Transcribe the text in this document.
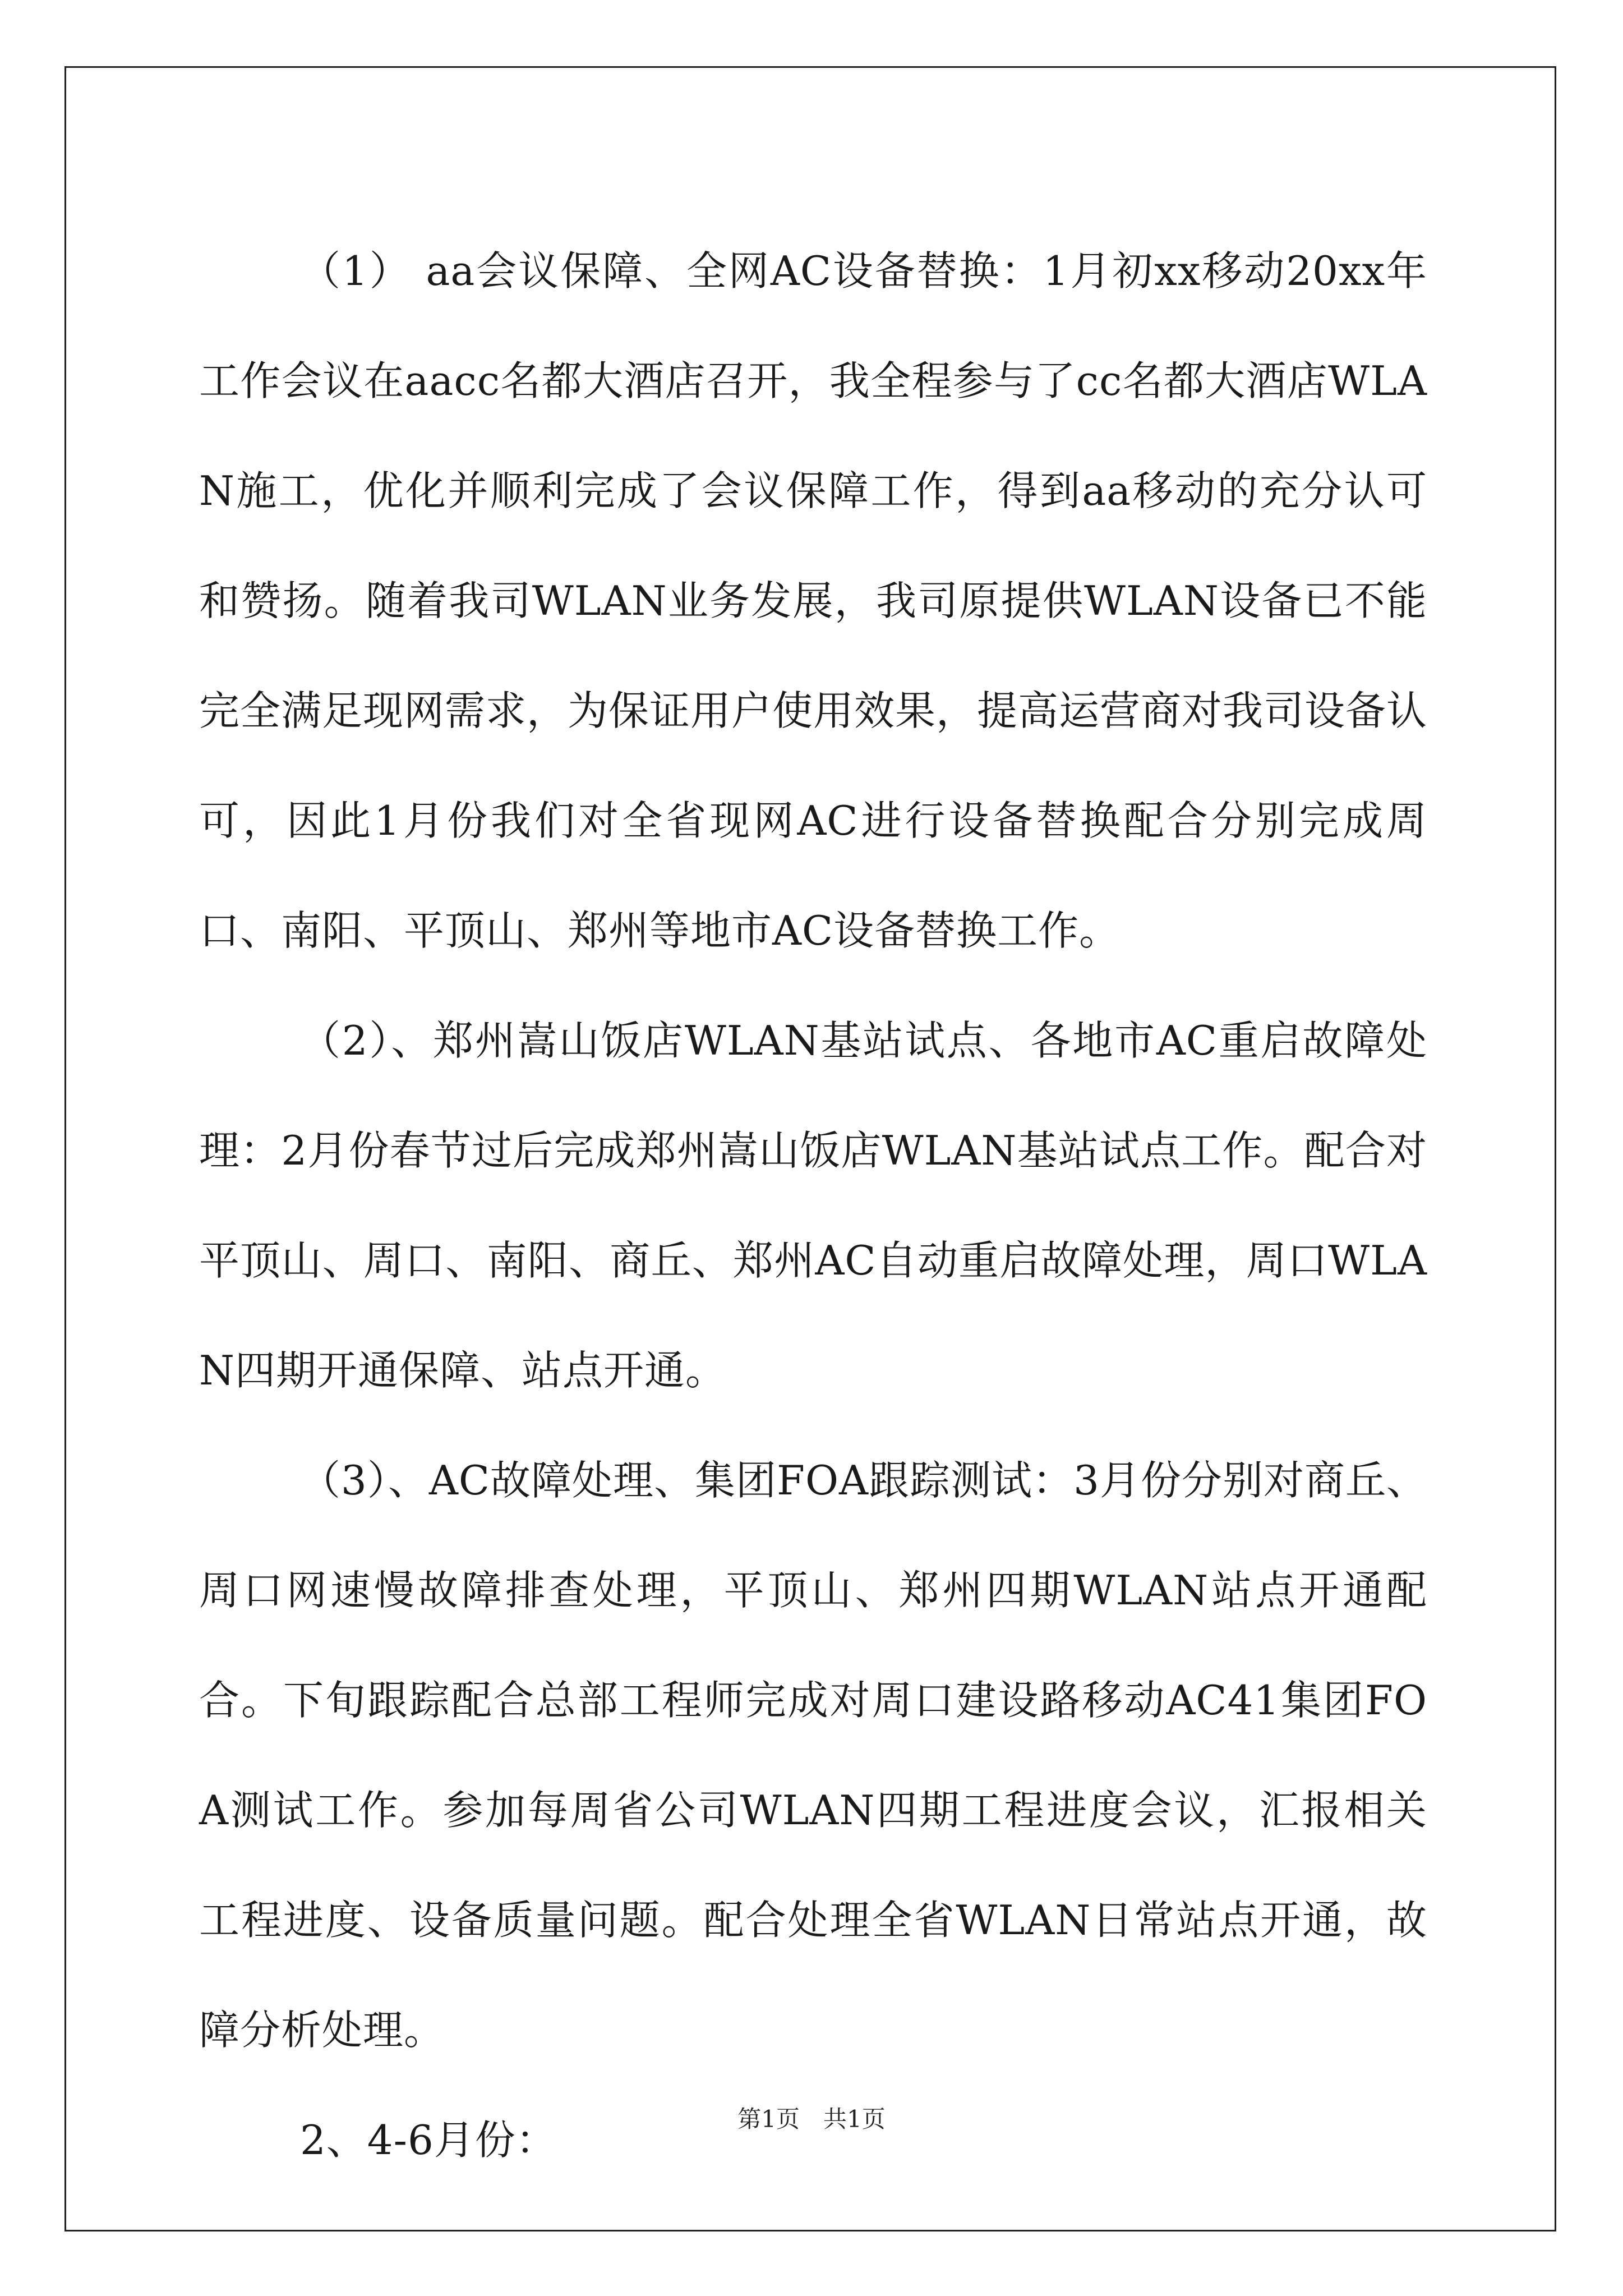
（1） aa会议保障、全网AC设备替换：1月初xx移动20xx年工作会议在aacc名都大酒店召开，我全程参与了cc名都大酒店WLAN施工，优化并顺利完成了会议保障工作，得到aa移动的充分认可和赞扬。随着我司WLAN业务发展，我司原提供WLAN设备已不能完全满足现网需求，为保证用户使用效果，提高运营商对我司设备认可，因此1月份我们对全省现网AC进行设备替换配合分别完成周口、南阳、平顶山、郑州等地市AC设备替换工作。

（2）、郑州嵩山饭店WLAN基站试点、各地市AC重启故障处理：2月份春节过后完成郑州嵩山饭店WLAN基站试点工作。配合对平顶山、周口、南阳、商丘、郑州AC自动重启故障处理，周口WLAN四期开通保障、站点开通。

（3）、AC故障处理、集团FOA跟踪测试：3月份分别对商丘、周口网速慢故障排查处理，平顶山、郑州四期WLAN站点开通配合。下旬跟踪配合总部工程师完成对周口建设路移动AC41集团FOA测试工作。参加每周省公司WLAN四期工程进度会议，汇报相关工程进度、设备质量问题。配合处理全省WLAN日常站点开通，故障分析处理。

2、4-6月份：	第1页　共1页
